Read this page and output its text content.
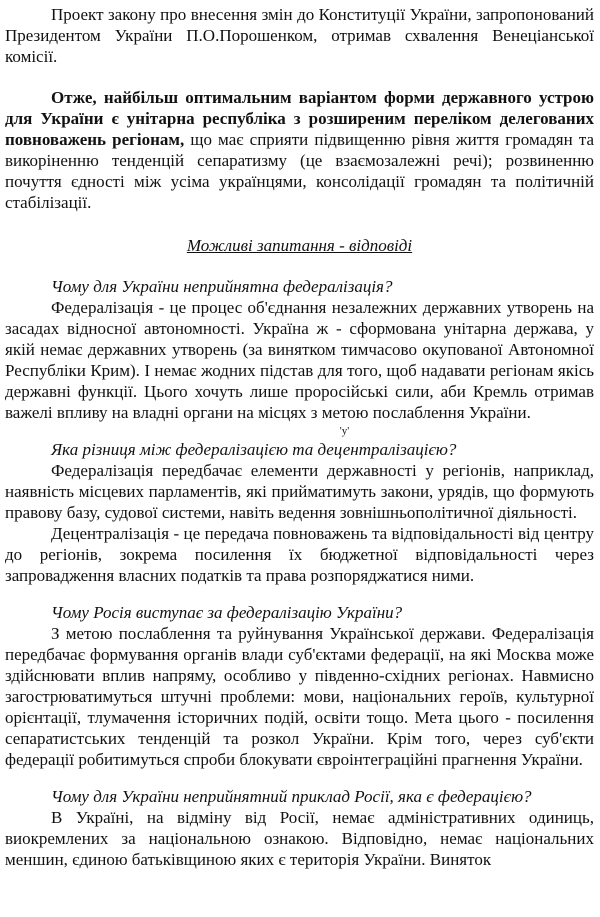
Проект закону про внесення змін до Конституції України, запропонований Президентом України П.О.Порошенком, отримав схвалення Венеціанської комісії.

Отже, найбільш оптимальним варіантом форми державного устрою для України є унітарна республіка з розширеним переліком делегованих повноважень регіонам, що має сприяти підвищенню рівня життя громадян та викоріненню тенденцій сепаратизму (це взаємозалежні речі); розвиненню почуття єдності між усіма українцями, консолідації громадян та політичній стабілізації.

Можливі запитання - відповіді

Чому для України неприйнятна федералізація?

Федералізація - це процес об'єднання незалежних державних утворень на засадах відносної автономності. Україна ж - сформована унітарна держава, у якій немає державних утворень (за винятком тимчасово окупованої Автономної Республіки Крим). І немає жодних підстав для того, щоб надавати регіонам якісь державні функції. Цього хочуть лише проросійські сили, аби Кремль отримав важелі впливу на владні органи на місцях з метою послаблення України.

'y'

Яка різниця між федералізацією та децентралізацією?

Федералізація передбачає елементи державності у регіонів, наприклад, наявність місцевих парламентів, які прийматимуть закони, урядів, що формують правову базу, судової системи, навіть ведення зовнішньополітичної діяльності.

Децентралізація - це передача повноважень та відповідальності від центру до регіонів, зокрема посилення їх бюджетної відповідальності через запровадження власних податків та права розпоряджатися ними.

Чому Росія виступає за федералізацію України?

З метою послаблення та руйнування Української держави. Федералізація передбачає формування органів влади суб'єктами федерації, на які Москва може здійснювати вплив напряму, особливо у південно-східних регіонах. Навмисно загострюватимуться штучні проблеми: мови, національних героїв, культурної орієнтації, тлумачення історичних подій, освіти тощо. Мета цього - посилення сепаратистських тенденцій та розкол України. Крім того, через суб'єкти федерації робитимуться спроби блокувати євроінтеграційні прагнення України.

Чому для України неприйнятний приклад Росії, яка є федерацією?

В Україні, на відміну від Росії, немає адміністративних одиниць, виокремлених за національною ознакою. Відповідно, немає національних меншин, єдиною батьківщиною яких є територія України. Виняток
